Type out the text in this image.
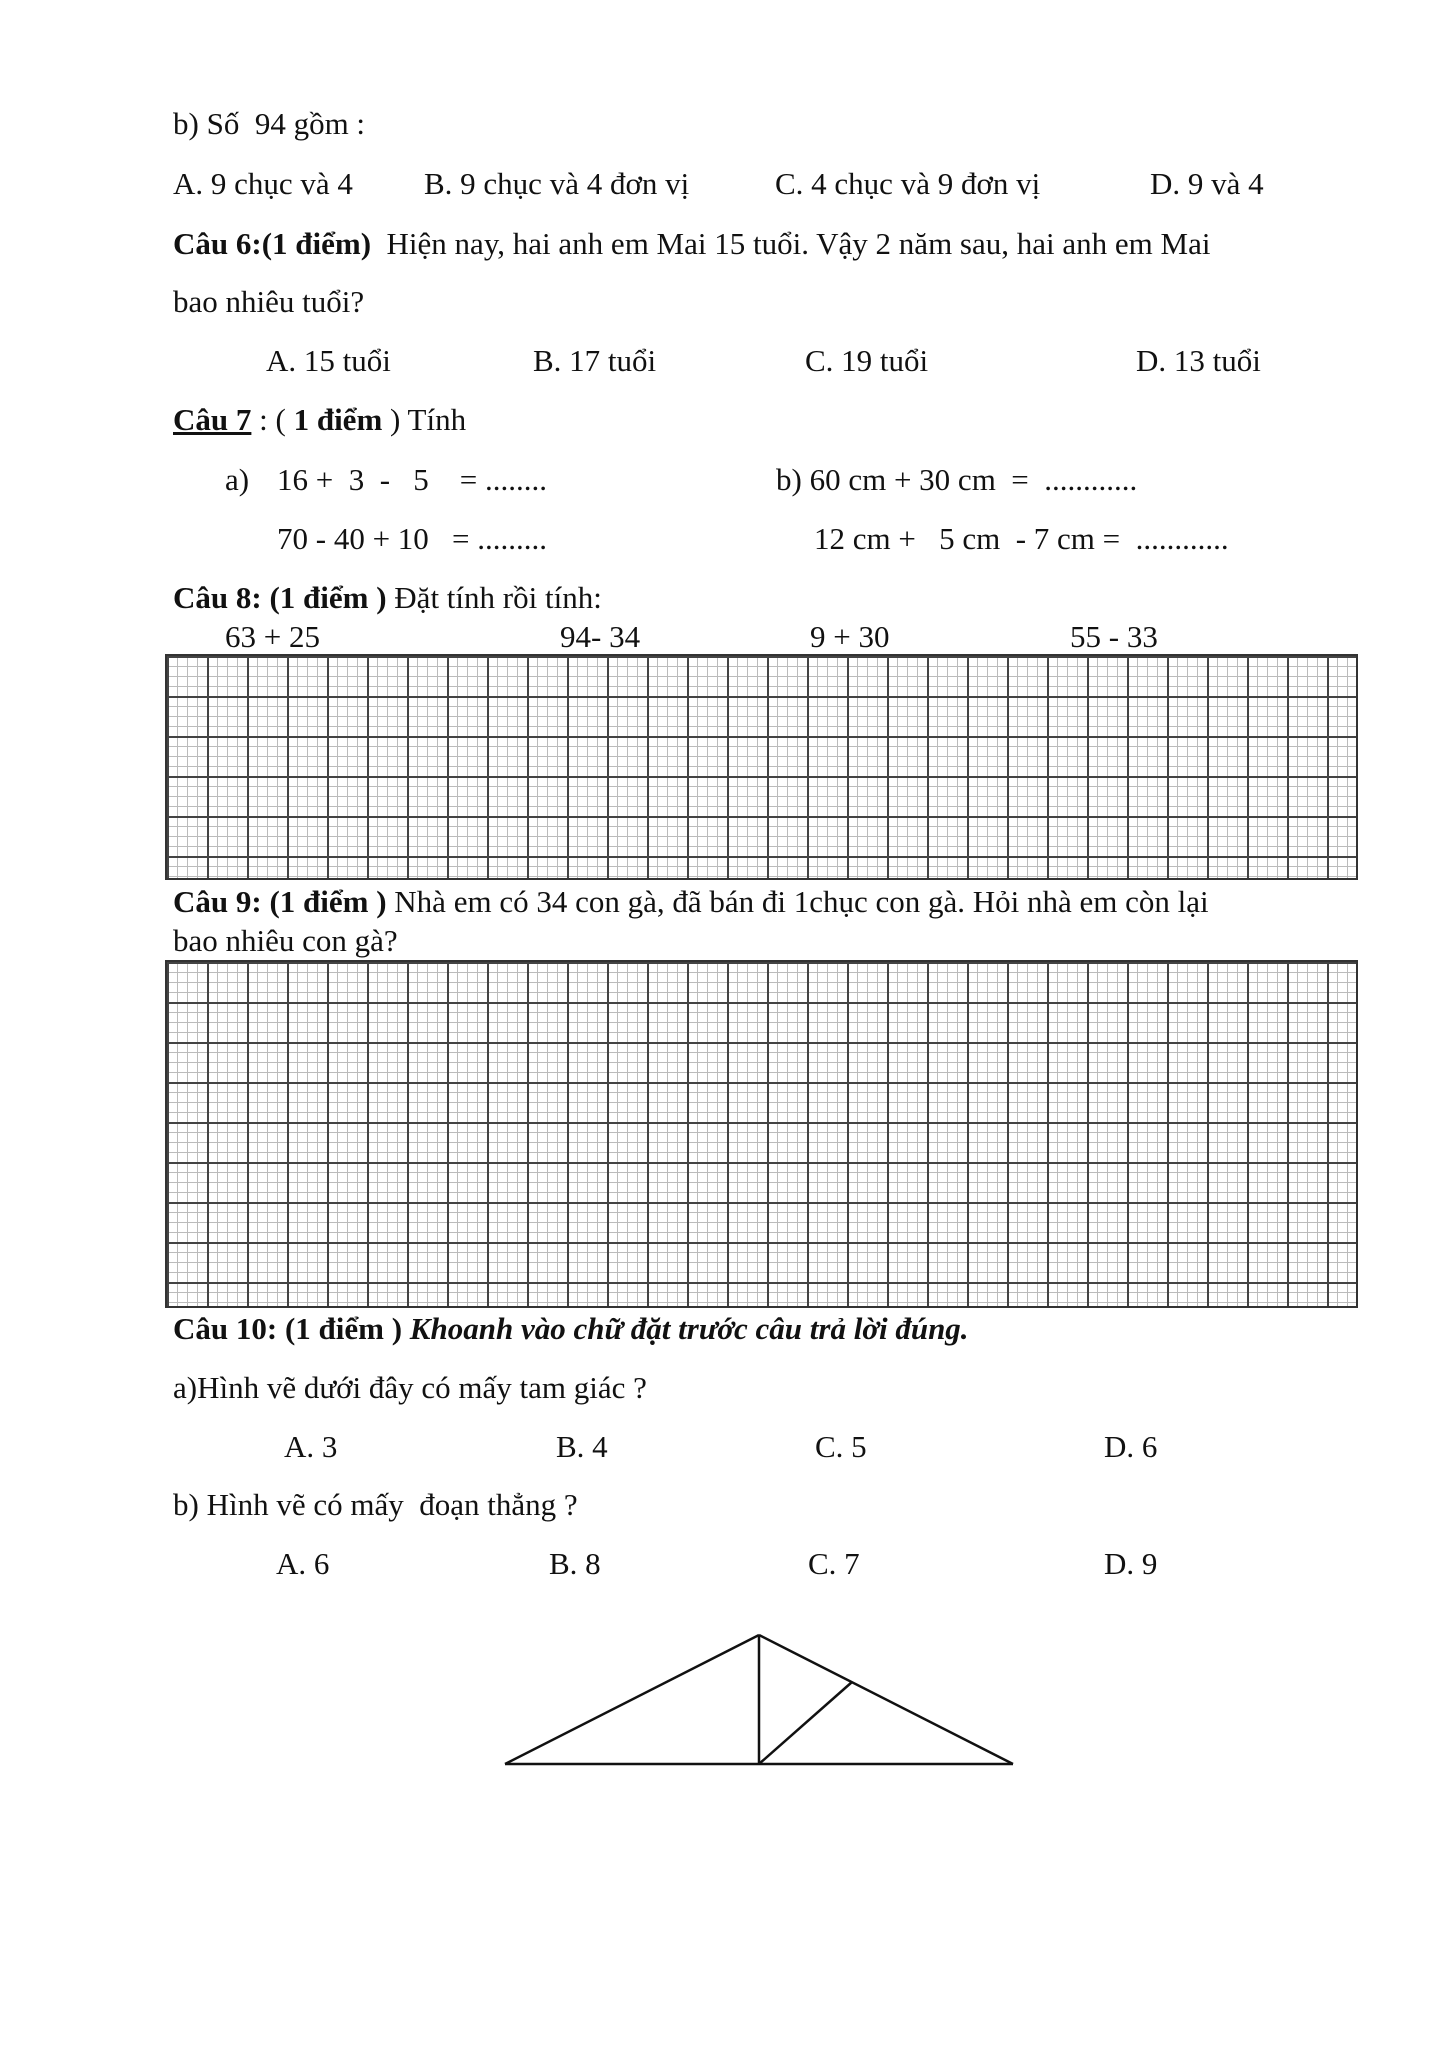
b) Số  94 gồm :
A. 9 chục và 4 B. 9 chục và 4 đơn vị	C. 4 chục và 9 đơn vị	D. 9 và 4
Câu 6:(1 điểm)  Hiện nay, hai anh em Mai 15 tuổi. Vậy 2 năm sau, hai anh em Mai
bao nhiêu tuổi?
A. 15 tuổi	B. 17 tuổi	C. 19 tuổi	D. 13 tuổi
Câu 7 : ( 1 điểm ) Tính
a) 16 +  3  -   5    = ........
70 - 40 + 10   = .........
b) 60 cm + 30 cm  =  ............
12 cm +   5 cm  - 7 cm =  ............
Câu 8: (1 điểm ) Đặt tính rồi tính:
63 + 25	94- 34	9 + 30	55 - 33
Câu 9: (1 điểm ) Nhà em có 34 con gà, đã bán đi 1chục con gà. Hỏi nhà em còn lại
bao nhiêu con gà?
Câu 10: (1 điểm ) Khoanh vào chữ đặt trước câu trả lời đúng.
a)Hình vẽ dưới đây có mấy tam giác ?
A. 3	B. 4	C. 5	D. 6
b) Hình vẽ có mấy  đoạn thẳng ?
A. 6	B. 8	C. 7	D. 9
